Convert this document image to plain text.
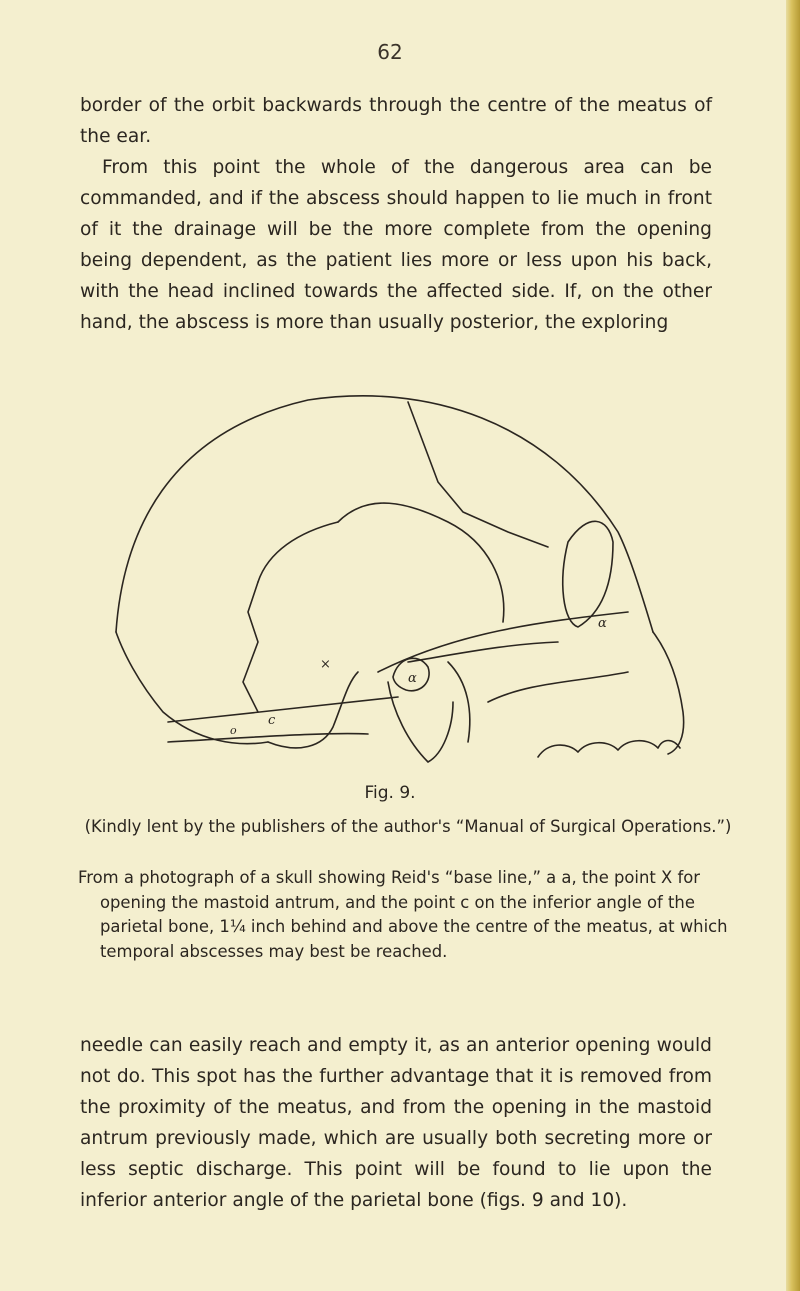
62

border of the orbit backwards through the centre of the meatus of the ear.

From this point the whole of the dangerous area can be commanded, and if the abscess should happen to lie much in front of it the drainage will be the more complete from the opening being dependent, as the patient lies more or less upon his back, with the head inclined towards the affected side. If, on the other hand, the abscess is more than usually posterior, the exploring

×
α
α
c
o
Fig. 9.

(Kindly lent by the publishers of the author's “Manual of Surgical Operations.”)

From a photograph of a skull showing Reid's “base line,” a a, the point X for opening the mastoid antrum, and the point c on the inferior angle of the parietal bone, 1¼ inch behind and above the centre of the meatus, at which temporal abscesses may best be reached.

needle can easily reach and empty it, as an anterior opening would not do. This spot has the further advantage that it is removed from the proximity of the meatus, and from the opening in the mastoid antrum previously made, which are usually both secreting more or less septic discharge. This point will be found to lie upon the inferior anterior angle of the parietal bone (figs. 9 and 10).
